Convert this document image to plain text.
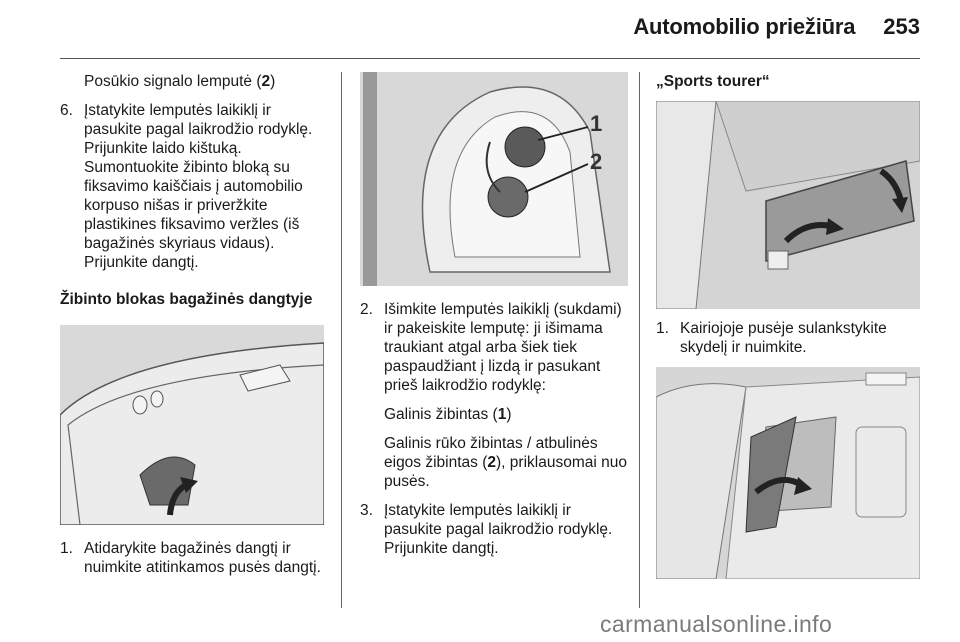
Automobilio priežiūra 253
Posūkio signalo lemputė (2)
6. Įstatykite lemputės laikiklį ir pasukite pagal laikrodžio rodyklę. Prijunkite laido kištuką. Sumontuokite žibinto bloką su fiksavimo kaiščiais į automobilio korpuso nišas ir priveržkite plastikines fiksavimo veržles (iš bagažinės skyriaus vidaus). Prijunkite dangtį.
Žibinto blokas bagažinės dangtyje
1. Atidarykite bagažinės dangtį ir nuimkite atitinkamos pusės dangtį.
1
2
2. Išimkite lemputės laikiklį (sukdami) ir pakeiskite lemputę: ji išimama traukiant atgal arba šiek tiek paspaudžiant į lizdą ir pasukant prieš laikrodžio rodyklę:
Galinis žibintas (1)
Galinis rūko žibintas / atbulinės eigos žibintas (2), priklausomai nuo pusės.
3. Įstatykite lemputės laikiklį ir pasukite pagal laikrodžio rodyklę. Prijunkite dangtį.
„Sports tourer“
1. Kairiojoje pusėje sulankstykite skydelį ir nuimkite.
carmanualsonline.info
